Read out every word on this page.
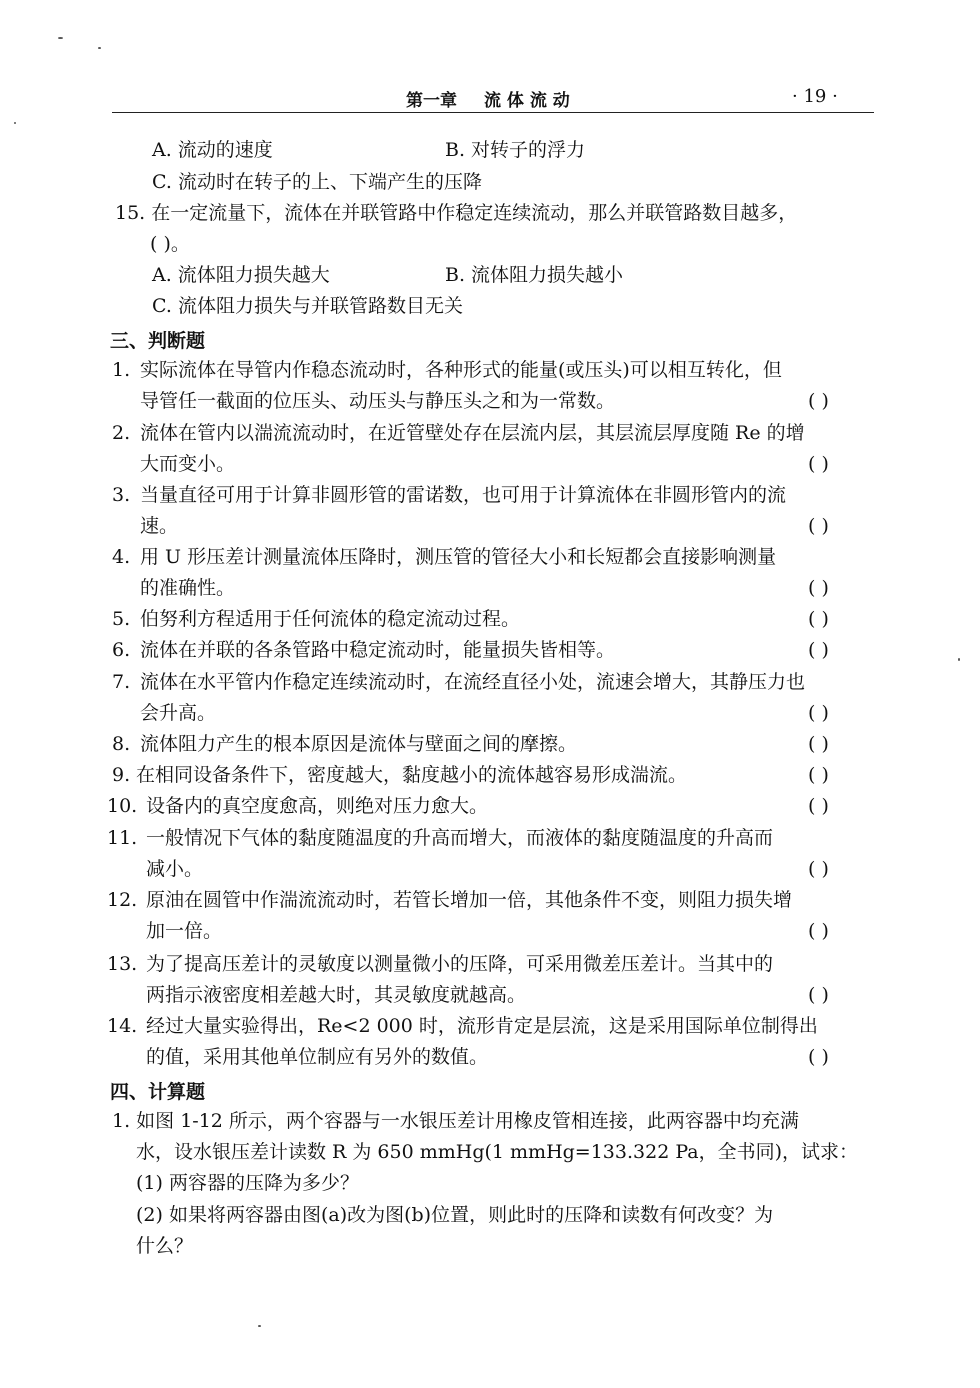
第一章 流 体 流 动	· 19 ·
A. 流动的速度	B. 对转子的浮力
C. 流动时在转子的上、下端产生的压降
15. 在一定流量下，流体在并联管路中作稳定连续流动，那么并联管路数目越多，
( )。
A. 流体阻力损失越大	B. 流体阻力损失越小
C. 流体阻力损失与并联管路数目无关
三、判断题
1. 实际流体在导管内作稳态流动时，各种形式的能量(或压头)可以相互转化，但
导管任一截面的位压头、动压头与静压头之和为一常数。	( )
2. 流体在管内以湍流流动时，在近管壁处存在层流内层，其层流层厚度随 Re 的增
大而变小。	( )
3. 当量直径可用于计算非圆形管的雷诺数，也可用于计算流体在非圆形管内的流
速。	( )
4. 用 U 形压差计测量流体压降时，测压管的管径大小和长短都会直接影响测量
的准确性。	( )
5. 伯努利方程适用于任何流体的稳定流动过程。	( )
6. 流体在并联的各条管路中稳定流动时，能量损失皆相等。	( )
7. 流体在水平管内作稳定连续流动时，在流经直径小处，流速会增大，其静压力也
会升高。	( )
8. 流体阻力产生的根本原因是流体与壁面之间的摩擦。	( )
9. 在相同设备条件下，密度越大，黏度越小的流体越容易形成湍流。	( )
10. 设备内的真空度愈高，则绝对压力愈大。	( )
11. 一般情况下气体的黏度随温度的升高而增大，而液体的黏度随温度的升高而
减小。	( )
12. 原油在圆管中作湍流流动时，若管长增加一倍，其他条件不变，则阻力损失增
加一倍。	( )
13. 为了提高压差计的灵敏度以测量微小的压降，可采用微差压差计。当其中的
两指示液密度相差越大时，其灵敏度就越高。	( )
14. 经过大量实验得出，Re<2 000 时，流形肯定是层流，这是采用国际单位制得出
的值，采用其他单位制应有另外的数值。	( )
四、计算题
1. 如图 1-12 所示，两个容器与一水银压差计用橡皮管相连接，此两容器中均充满
水，设水银压差计读数 R 为 650 mmHg(1 mmHg=133.322 Pa，全书同)，试求：
(1) 两容器的压降为多少？
(2) 如果将两容器由图(a)改为图(b)位置，则此时的压降和读数有何改变？为
什么？
